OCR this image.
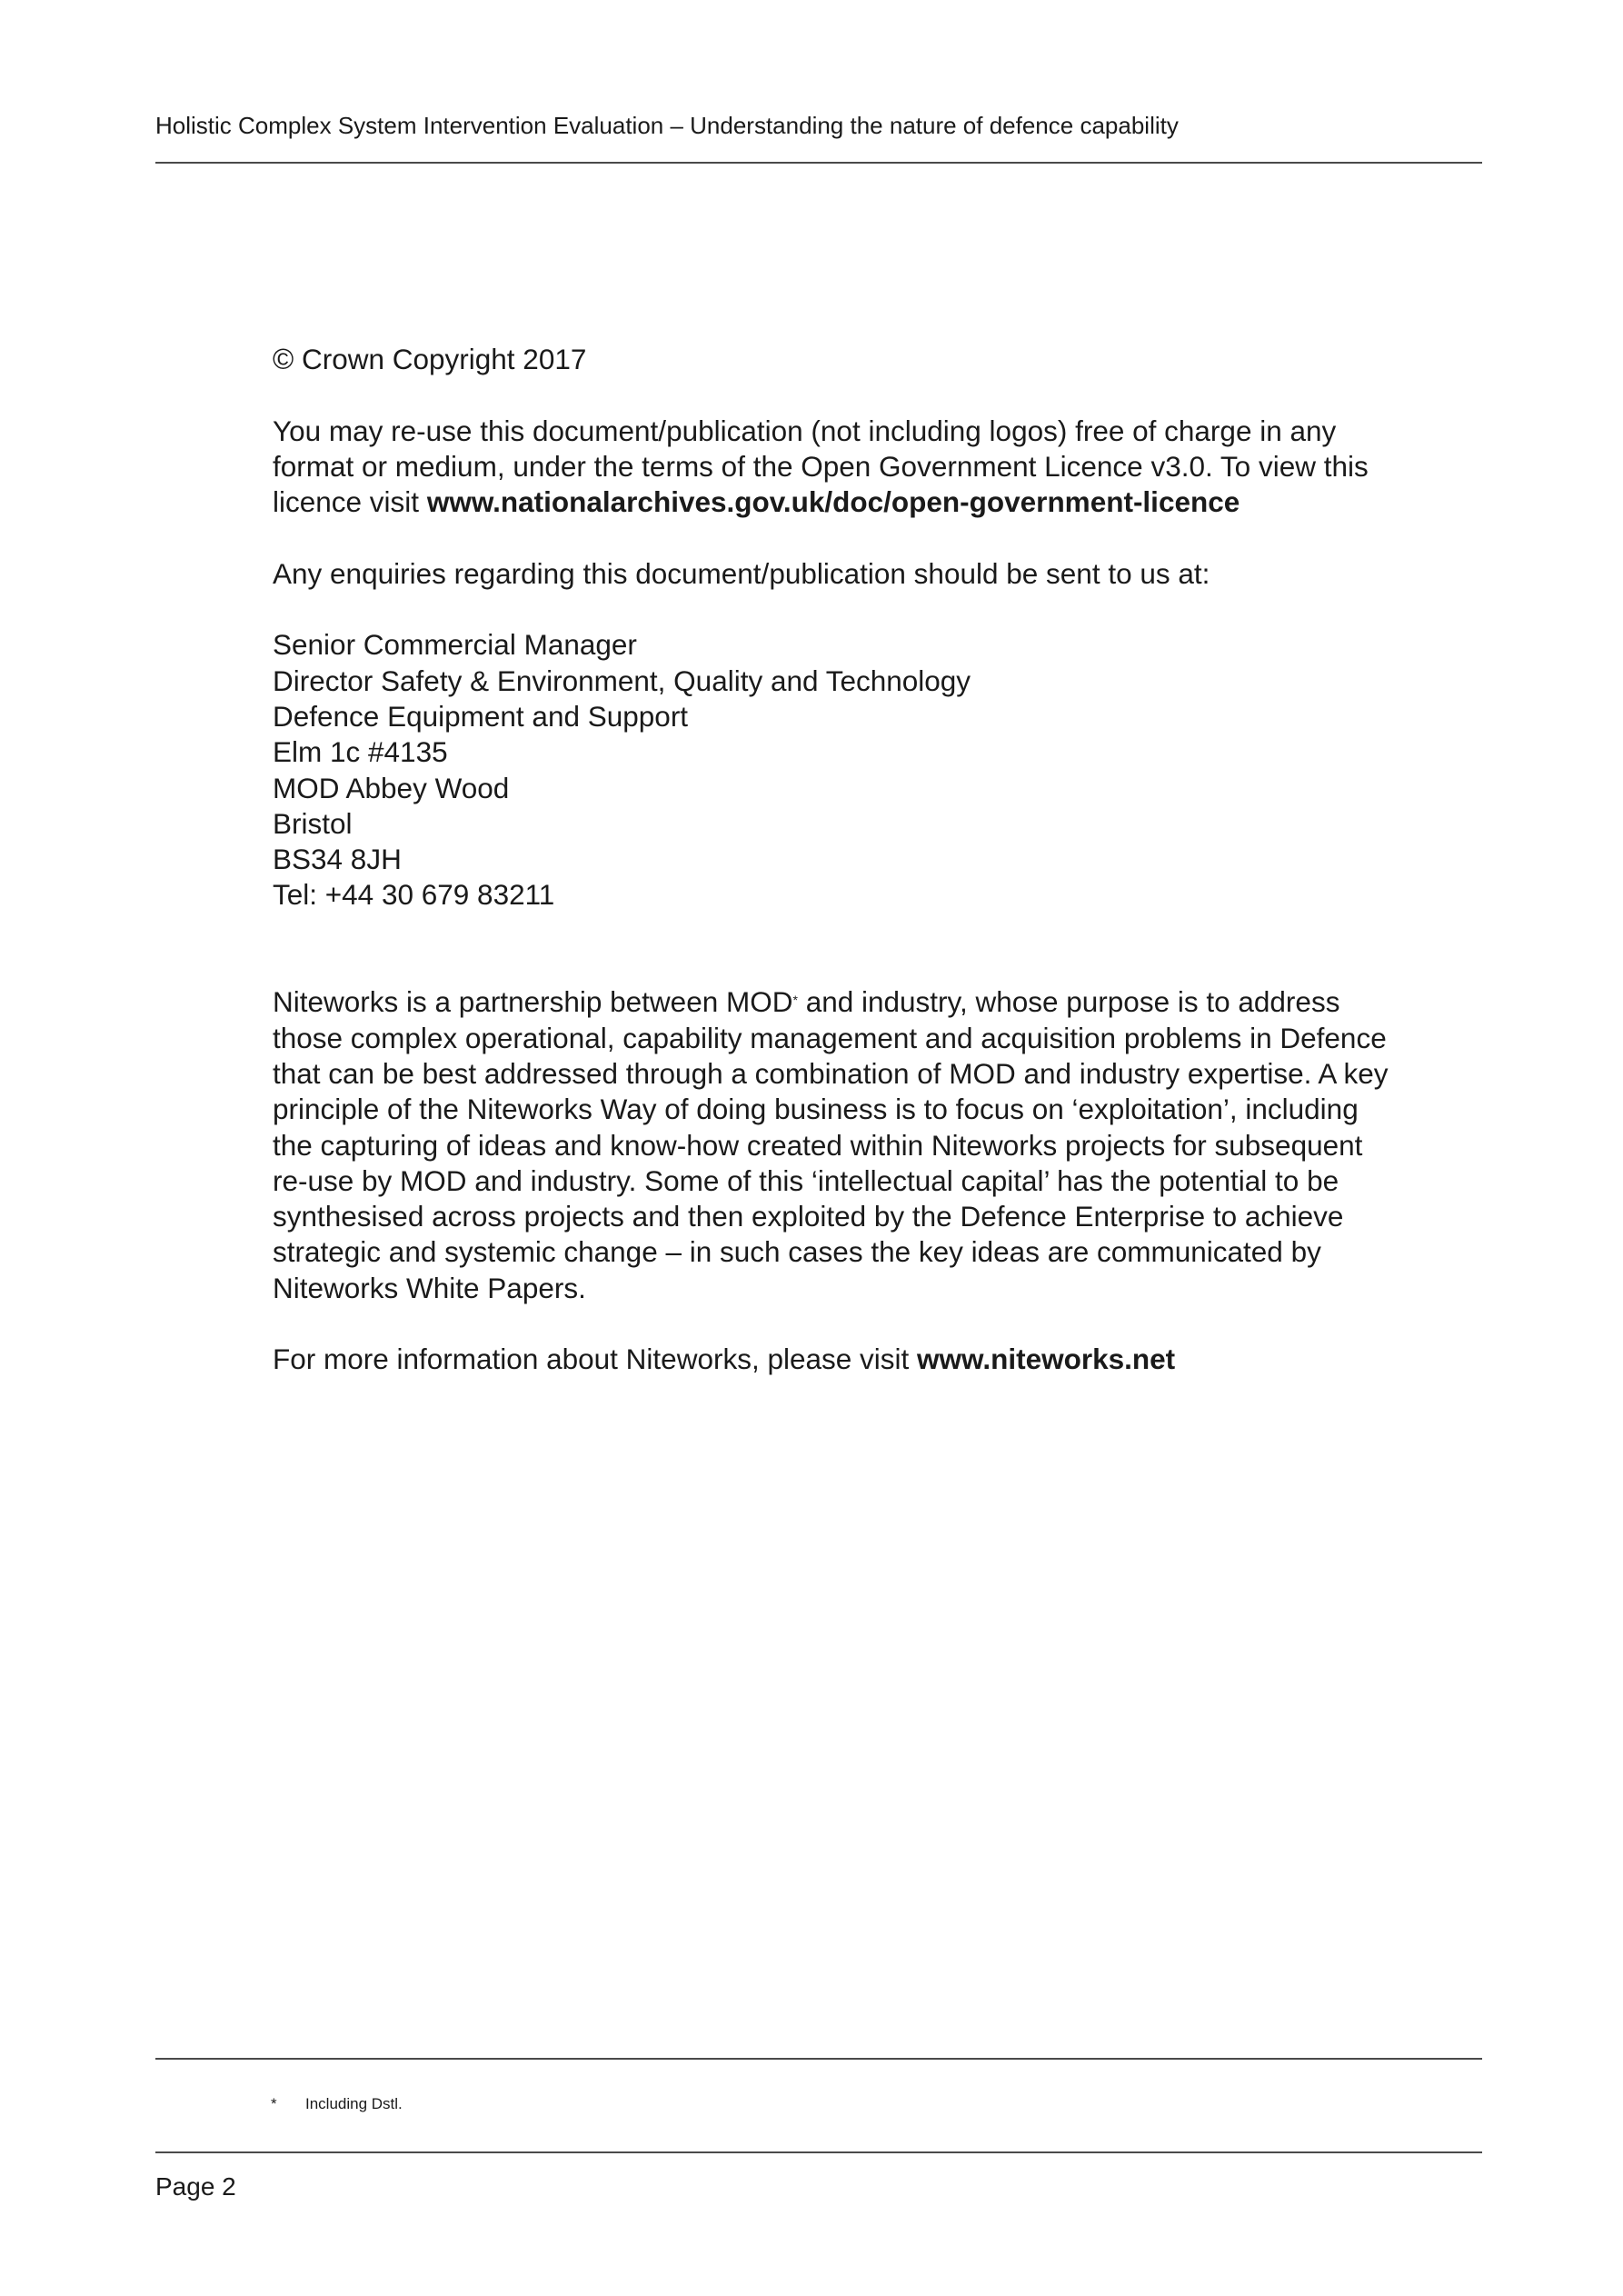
Holistic Complex System Intervention Evaluation – Understanding the nature of defence capability

© Crown Copyright 2017

You may re-use this document/publication (not including logos) free of charge in any
format or medium, under the terms of the Open Government Licence v3.0. To view this
licence visit www.nationalarchives.gov.uk/doc/open-government-licence

Any enquiries regarding this document/publication should be sent to us at:

Senior Commercial Manager
Director Safety & Environment, Quality and Technology
Defence Equipment and Support
Elm 1c #4135
MOD Abbey Wood
Bristol
BS34 8JH
Tel: +44 30 679 83211

Niteworks is a partnership between MOD* and industry, whose purpose is to address
those complex operational, capability management and acquisition problems in Defence
that can be best addressed through a combination of MOD and industry expertise. A key
principle of the Niteworks Way of doing business is to focus on ‘exploitation’, including
the capturing of ideas and know-how created within Niteworks projects for subsequent
re-use by MOD and industry. Some of this ‘intellectual capital’ has the potential to be
synthesised across projects and then exploited by the Defence Enterprise to achieve
strategic and systemic change – in such cases the key ideas are communicated by
Niteworks White Papers.

For more information about Niteworks, please visit www.niteworks.net

* Including Dstl.
Page 2
